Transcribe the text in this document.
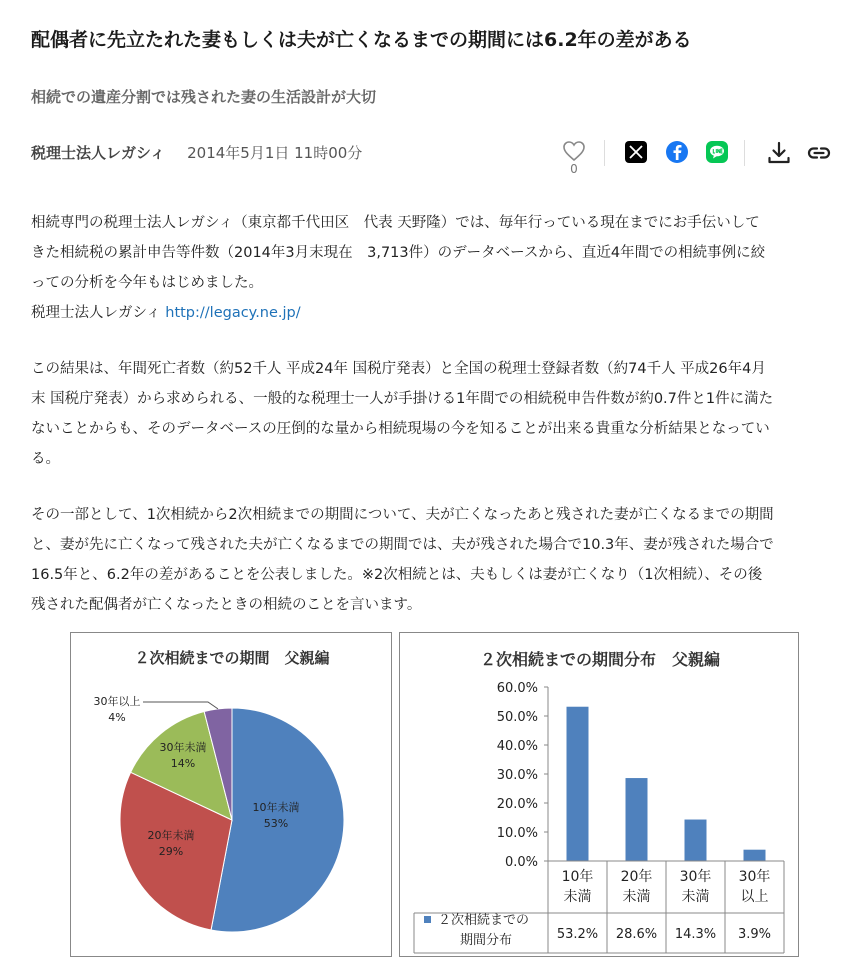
配偶者に先立たれた妻もしくは夫が亡くなるまでの期間には6.2年の差がある
相続での遺産分割では残された妻の生活設計が大切
税理士法人レガシィ 2014年5月1日 11時00分
0
相続専門の税理士法人レガシィ（東京都千代田区　代表 天野隆）では、毎年行っている現在までにお手伝いして
きた相続税の累計申告等件数（2014年3月末現在　3,713件）のデータベースから、直近4年間での相続事例に絞
っての分析を今年もはじめました。
税理士法人レガシィ http://legacy.ne.jp/
この結果は、年間死亡者数（約52千人 平成24年 国税庁発表）と全国の税理士登録者数（約74千人 平成26年4月
末 国税庁発表）から求められる、一般的な税理士一人が手掛ける1年間での相続税申告件数が約0.7件と1件に満た
ないことからも、そのデータベースの圧倒的な量から相続現場の今を知ることが出来る貴重な分析結果となってい
る。
その一部として、1次相続から2次相続までの期間について、夫が亡くなったあと残された妻が亡くなるまでの期間
と、妻が先に亡くなって残された夫が亡くなるまでの期間では、夫が残された場合で10.3年、妻が残された場合で
16.5年と、6.2年の差があることを公表しました。※2次相続とは、夫もしくは妻が亡くなり（1次相続）、その後
残された配偶者が亡くなったときの相続のことを言います。
２次相続までの期間　父親編
10年未満
53%
20年未満
29%
30年未満
14%
30年以上
4%
２次相続までの期間分布　父親編
0.0%
10.0%
20.0%
30.0%
40.0%
50.0%
60.0%
10年
未満
20年
未満
30年
未満
30年
以上
２次相続までの
期間分布	53.2% 28.6% 14.3% 3.9%
